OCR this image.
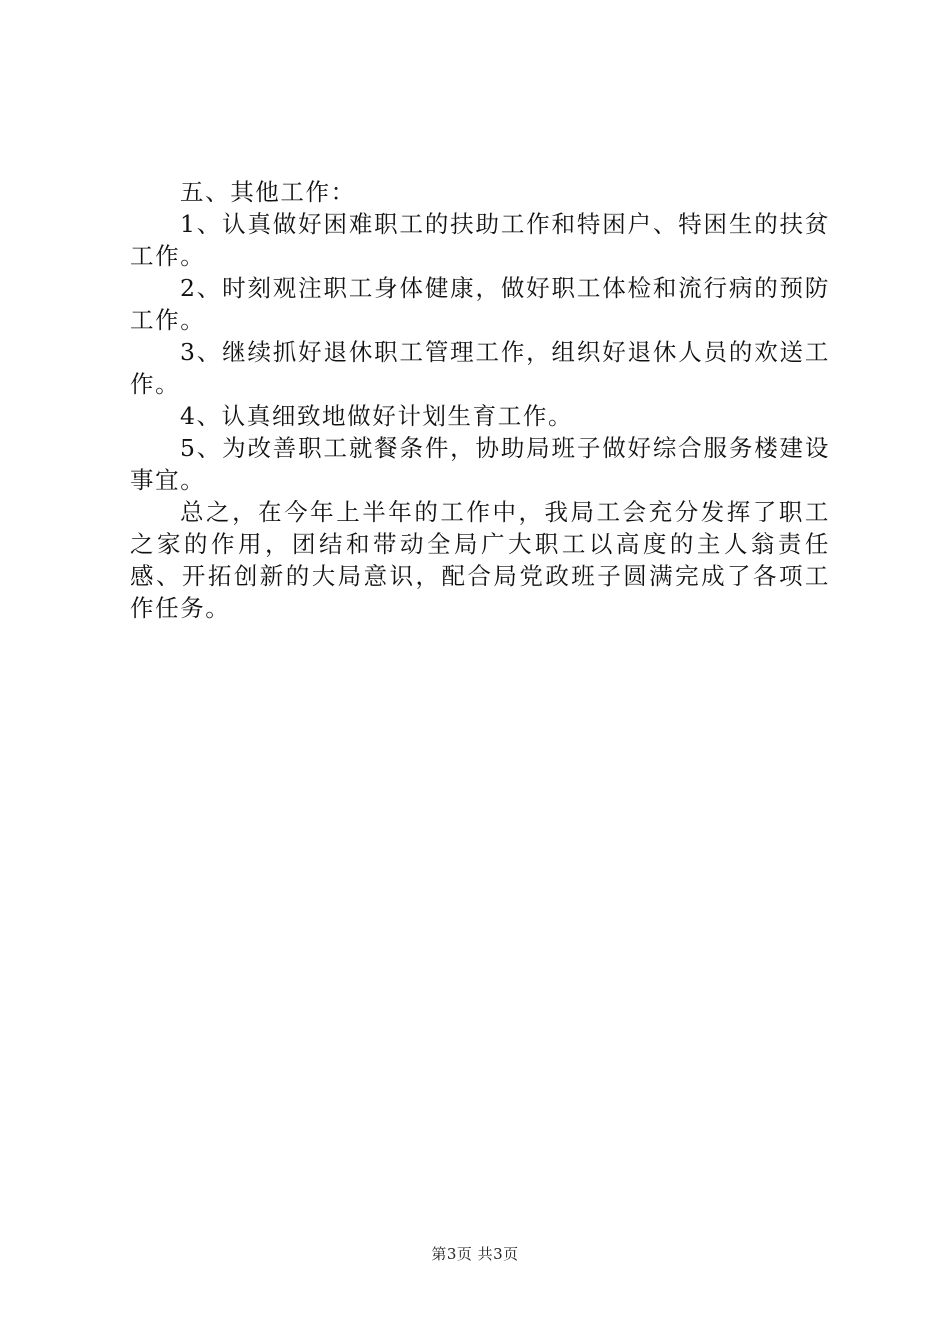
五、其他工作：

1、认真做好困难职工的扶助工作和特困户、特困生的扶贫工作。

2、时刻观注职工身体健康，做好职工体检和流行病的预防工作。

3、继续抓好退休职工管理工作，组织好退休人员的欢送工作。

4、认真细致地做好计划生育工作。

5、为改善职工就餐条件，协助局班子做好综合服务楼建设事宜。

总之，在今年上半年的工作中，我局工会充分发挥了职工之家的作用，团结和带动全局广大职工以高度的主人翁责任感、开拓创新的大局意识，配合局党政班子圆满完成了各项工作任务。

第3页 共3页
